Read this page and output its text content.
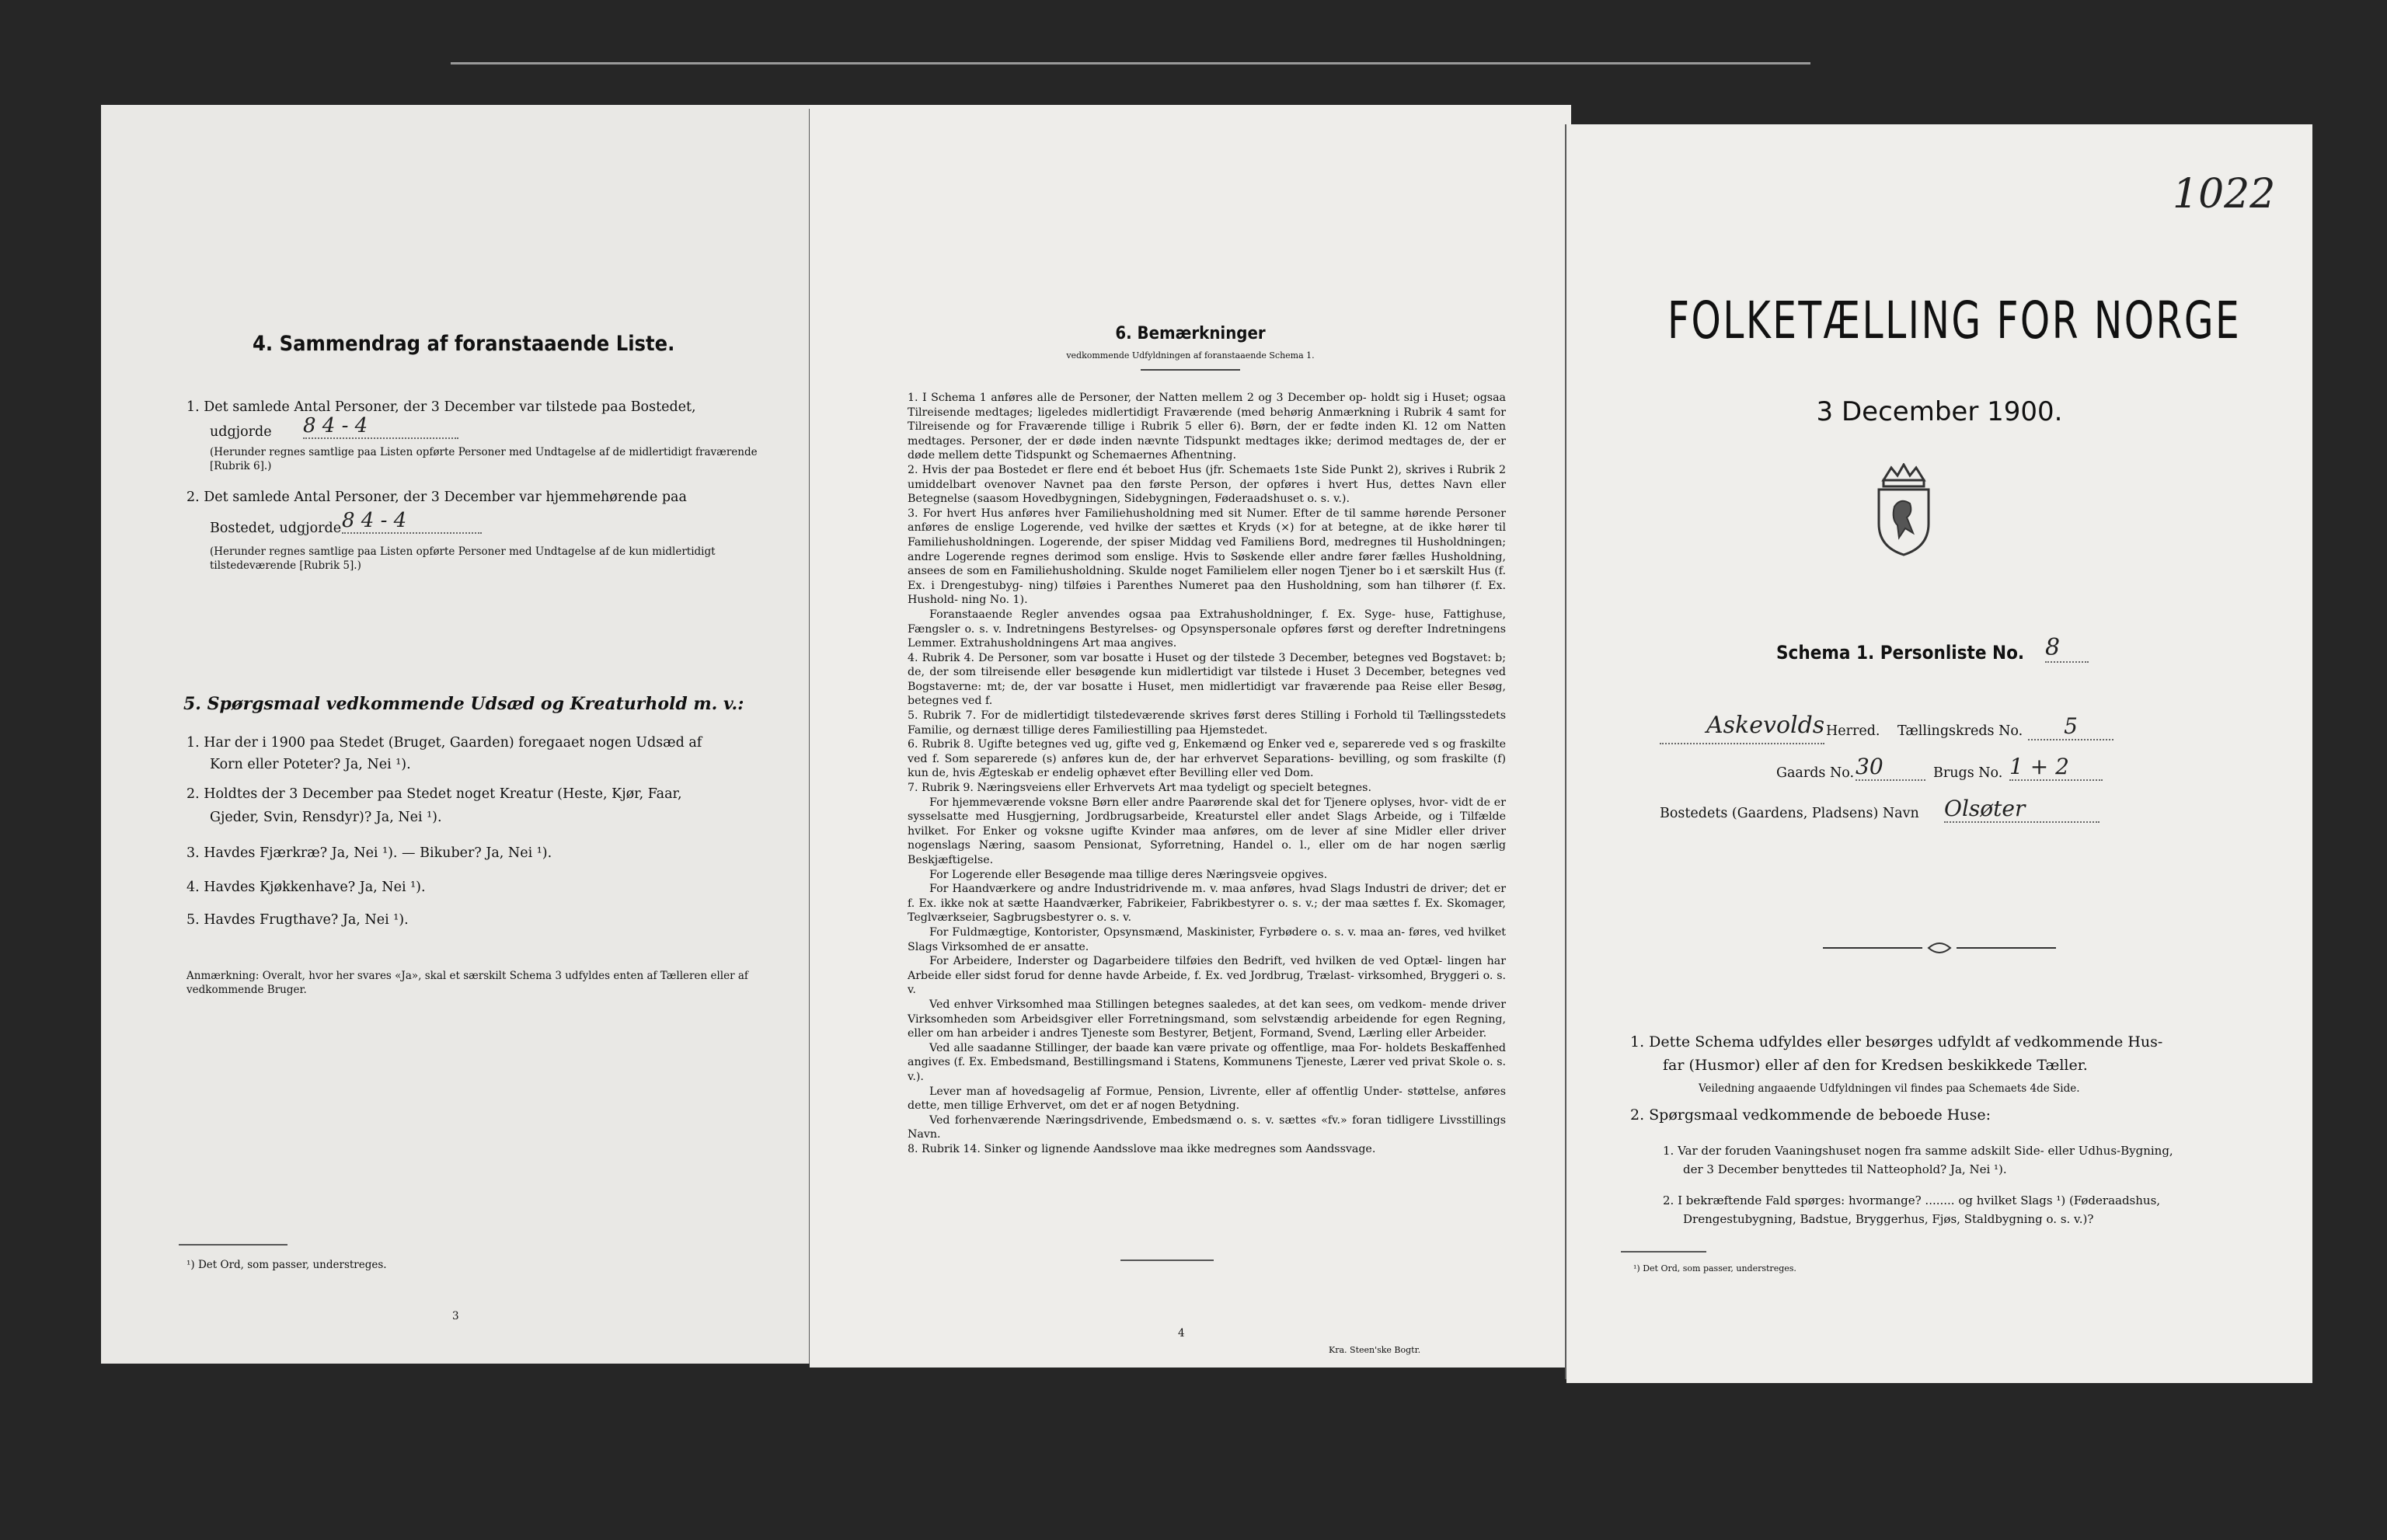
4. Sammendrag af foranstaaende Liste.
1. Det samlede Antal Personer, der 3 December var tilstede paa Bostedet,
udgjorde 8 4 - 4
(Herunder regnes samtlige paa Listen opførte Personer med Undtagelse af de midlertidigt fraværende [Rubrik 6].)
2. Det samlede Antal Personer, der 3 December var hjemmehørende paa
Bostedet, udgjorde 8 4 - 4
(Herunder regnes samtlige paa Listen opførte Personer med Undtagelse af de kun midlertidigt tilstedeværende [Rubrik 5].)
5. Spørgsmaal vedkommende Udsæd og Kreaturhold m. v.:
1. Har der i 1900 paa Stedet (Bruget, Gaarden) foregaaet nogen Udsæd af
Korn eller Poteter? Ja, Nei ¹).
2. Holdtes der 3 December paa Stedet noget Kreatur (Heste, Kjør, Faar,
Gjeder, Svin, Rensdyr)? Ja, Nei ¹).
3. Havdes Fjærkræ? Ja, Nei ¹). — Bikuber? Ja, Nei ¹).
4. Havdes Kjøkkenhave? Ja, Nei ¹).
5. Havdes Frugthave? Ja, Nei ¹).
Anmærkning: Overalt, hvor her svares «Ja», skal et særskilt Schema 3 udfyldes enten af Tælleren eller af vedkommende Bruger.
¹) Det Ord, som passer, understreges.
3
6. Bemærkninger
vedkommende Udfyldningen af foranstaaende Schema 1.

1. I Schema 1 anføres alle de Personer, der Natten mellem 2 og 3 December op- holdt sig i Huset; ogsaa Tilreisende medtages; ligeledes midlertidigt Fraværende (med behørig Anmærkning i Rubrik 4 samt for Tilreisende og for Fraværende tillige i Rubrik 5 eller 6). Børn, der er fødte inden Kl. 12 om Natten medtages. Personer, der er døde inden nævnte Tidspunkt medtages ikke; derimod medtages de, der er døde mellem dette Tidspunkt og Schemaernes Afhentning.

2. Hvis der paa Bostedet er flere end ét beboet Hus (jfr. Schemaets 1ste Side Punkt 2), skrives i Rubrik 2 umiddelbart ovenover Navnet paa den første Person, der opføres i hvert Hus, dettes Navn eller Betegnelse (saasom Hovedbygningen, Sidebygningen, Føderaadshuset o. s. v.).

3. For hvert Hus anføres hver Familiehusholdning med sit Numer. Efter de til samme hørende Personer anføres de enslige Logerende, ved hvilke der sættes et Kryds (×) for at betegne, at de ikke hører til Familiehusholdningen. Logerende, der spiser Middag ved Familiens Bord, medregnes til Husholdningen; andre Logerende regnes derimod som enslige. Hvis to Søskende eller andre fører fælles Husholdning, ansees de som en Familiehusholdning. Skulde noget Familielem eller nogen Tjener bo i et særskilt Hus (f. Ex. i Drengestubyg- ning) tilføies i Parenthes Numeret paa den Husholdning, som han tilhører (f. Ex. Hushold- ning No. 1).

Foranstaaende Regler anvendes ogsaa paa Extrahusholdninger, f. Ex. Syge- huse, Fattighuse, Fængsler o. s. v. Indretningens Bestyrelses- og Opsynspersonale opføres først og derefter Indretningens Lemmer. Extrahusholdningens Art maa angives.

4. Rubrik 4. De Personer, som var bosatte i Huset og der tilstede 3 December, betegnes ved Bogstavet: b; de, der som tilreisende eller besøgende kun midlertidigt var tilstede i Huset 3 December, betegnes ved Bogstaverne: mt; de, der var bosatte i Huset, men midlertidigt var fraværende paa Reise eller Besøg, betegnes ved f.

5. Rubrik 7. For de midlertidigt tilstedeværende skrives først deres Stilling i Forhold til Tællingsstedets Familie, og dernæst tillige deres Familiestilling paa Hjemstedet.

6. Rubrik 8. Ugifte betegnes ved ug, gifte ved g, Enkemænd og Enker ved e, separerede ved s og fraskilte ved f. Som separerede (s) anføres kun de, der har erhvervet Separations- bevilling, og som fraskilte (f) kun de, hvis Ægteskab er endelig ophævet efter Bevilling eller ved Dom.

7. Rubrik 9. Næringsveiens eller Erhvervets Art maa tydeligt og specielt betegnes.

For hjemmeværende voksne Børn eller andre Paarørende skal det for Tjenere oplyses, hvor- vidt de er sysselsatte med Husgjerning, Jordbrugsarbeide, Kreaturstel eller andet Slags Arbeide, og i Tilfælde hvilket. For Enker og voksne ugifte Kvinder maa anføres, om de lever af sine Midler eller driver nogenslags Næring, saasom Pensionat, Syforretning, Handel o. l., eller om de har nogen særlig Beskjæftigelse.

For Logerende eller Besøgende maa tillige deres Næringsveie opgives.

For Haandværkere og andre Industridrivende m. v. maa anføres, hvad Slags Industri de driver; det er f. Ex. ikke nok at sætte Haandværker, Fabrikeier, Fabrikbestyrer o. s. v.; der maa sættes f. Ex. Skomager, Teglværkseier, Sagbrugsbestyrer o. s. v.

For Fuldmægtige, Kontorister, Opsynsmænd, Maskinister, Fyrbødere o. s. v. maa an- føres, ved hvilket Slags Virksomhed de er ansatte.

For Arbeidere, Inderster og Dagarbeidere tilføies den Bedrift, ved hvilken de ved Optæl- lingen har Arbeide eller sidst forud for denne havde Arbeide, f. Ex. ved Jordbrug, Trælast- virksomhed, Bryggeri o. s. v.

Ved enhver Virksomhed maa Stillingen betegnes saaledes, at det kan sees, om vedkom- mende driver Virksomheden som Arbeidsgiver eller Forretningsmand, som selvstændig arbeidende for egen Regning, eller om han arbeider i andres Tjeneste som Bestyrer, Betjent, Formand, Svend, Lærling eller Arbeider.

Ved alle saadanne Stillinger, der baade kan være private og offentlige, maa For- holdets Beskaffenhed angives (f. Ex. Embedsmand, Bestillingsmand i Statens, Kommunens Tjeneste, Lærer ved privat Skole o. s. v.).

Lever man af hovedsagelig af Formue, Pension, Livrente, eller af offentlig Under- støttelse, anføres dette, men tillige Erhvervet, om det er af nogen Betydning.

Ved forhenværende Næringsdrivende, Embedsmænd o. s. v. sættes «fv.» foran tidligere Livsstillings Navn.

8. Rubrik 14. Sinker og lignende Aandsslove maa ikke medregnes som Aandssvage.

4
Kra. Steen'ske Bogtr.
1022
FOLKETÆLLING FOR NORGE
3 December 1900.
Schema 1. Personliste No. 8
Askevolds Herred. Tællingskreds No.	5
Gaards No. 30	Brugs No. 1 + 2
Bostedets (Gaardens, Pladsens) Navn Olsøter
1. Dette Schema udfyldes eller besørges udfyldt af vedkommende Hus-
far (Husmor) eller af den for Kredsen beskikkede Tæller.
Veiledning angaaende Udfyldningen vil findes paa Schemaets 4de Side.
2. Spørgsmaal vedkommende de beboede Huse:
1. Var der foruden Vaaningshuset nogen fra samme adskilt Side- eller Udhus-Bygning,
der 3 December benyttedes til Natteophold? Ja, Nei ¹).
2. I bekræftende Fald spørges: hvormange? ........ og hvilket Slags ¹) (Føderaadshus,
Drengestubygning, Badstue, Bryggerhus, Fjøs, Staldbygning o. s. v.)?
¹) Det Ord, som passer, understreges.
